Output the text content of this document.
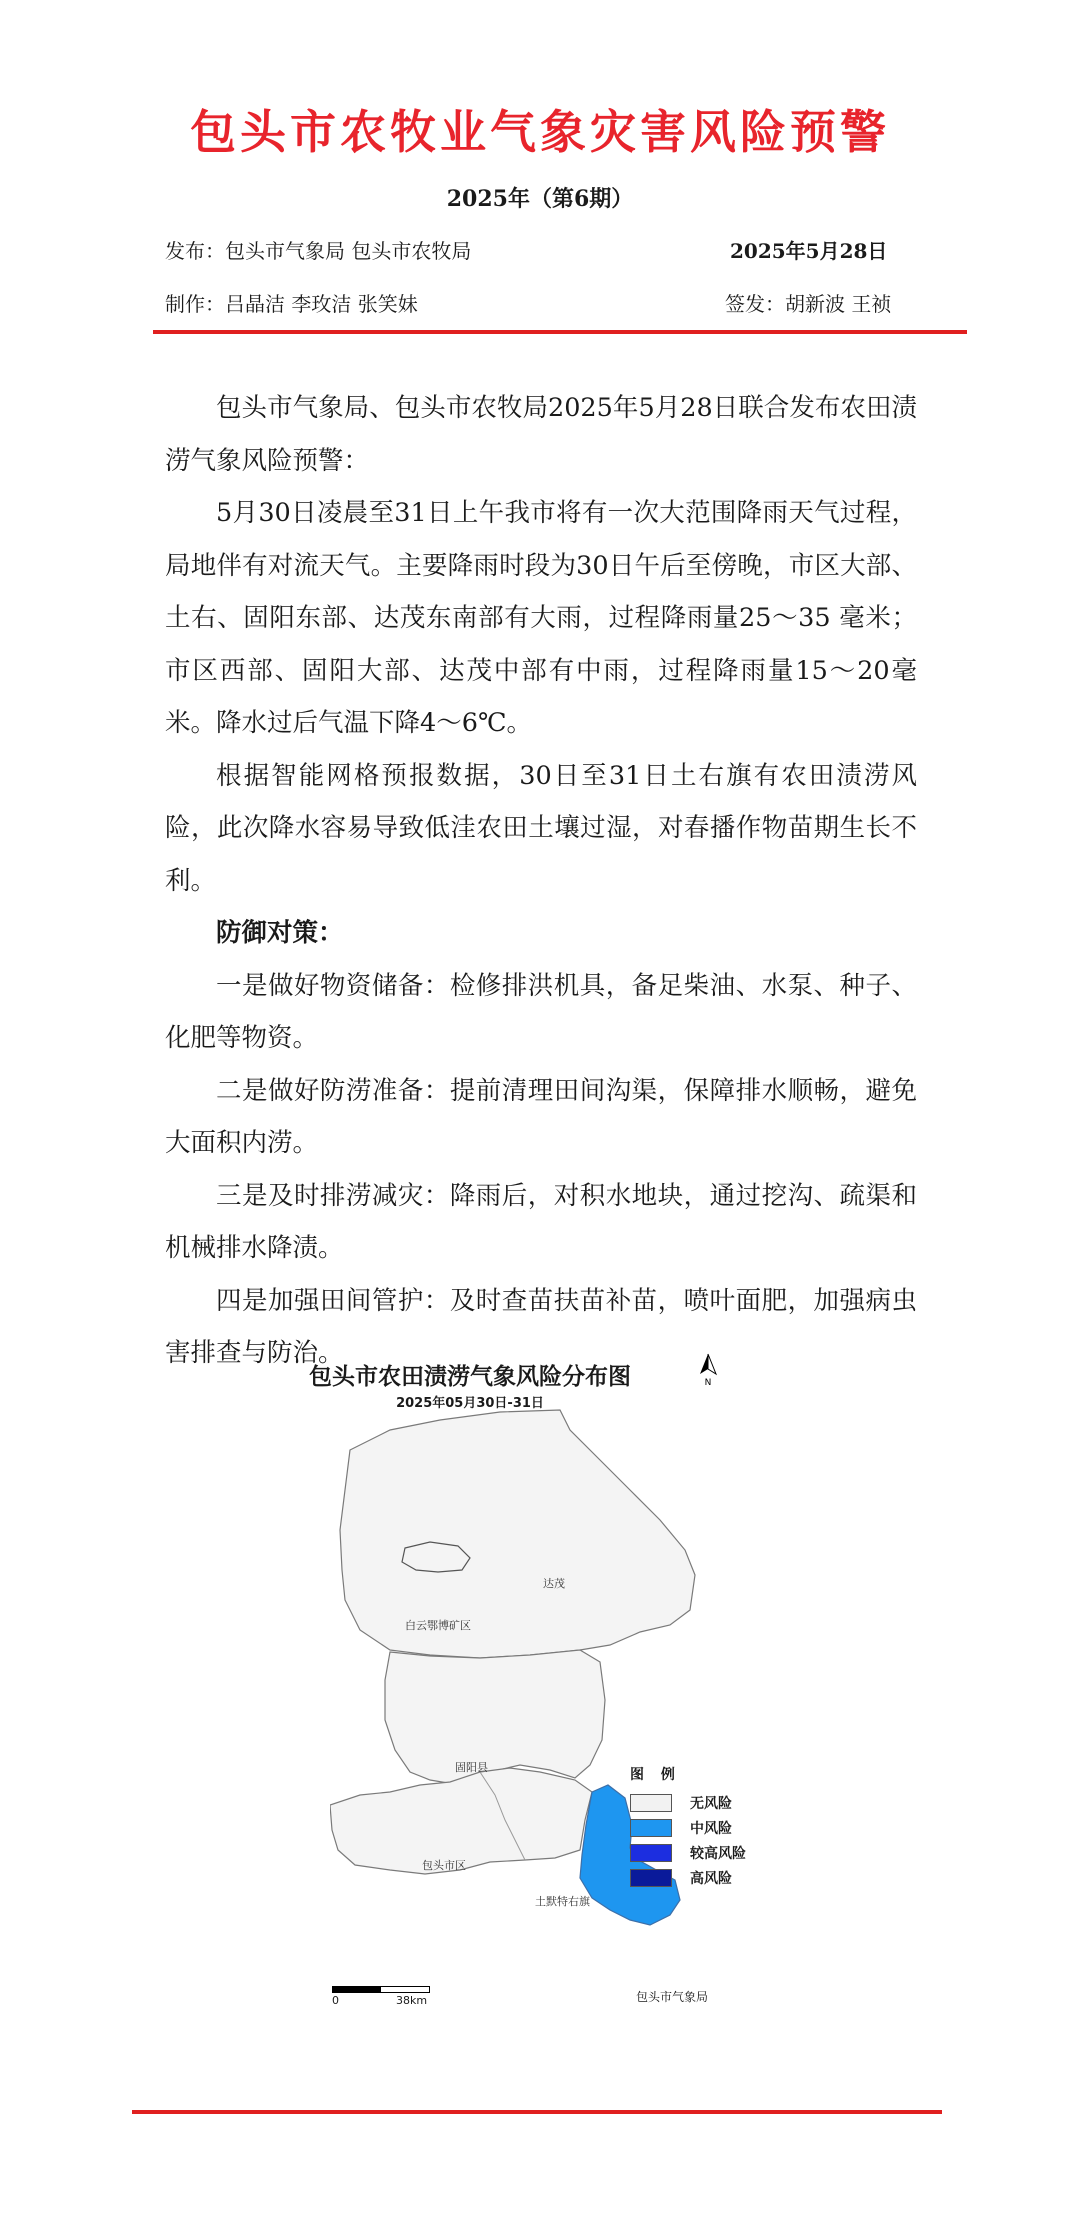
包头市农牧业气象灾害风险预警
2025年（第6期）
发布：包头市气象局 包头市农牧局	2025年5月28日
制作：吕晶洁 李玫洁 张笑妹	签发：胡新波 王祯

包头市气象局、包头市农牧局2025年5月28日联合发布农田渍涝气象风险预警：

5月30日凌晨至31日上午我市将有一次大范围降雨天气过程，局地伴有对流天气。主要降雨时段为30日午后至傍晚，市区大部、土右、固阳东部、达茂东南部有大雨，过程降雨量25～35 毫米；市区西部、固阳大部、达茂中部有中雨，过程降雨量15～20毫米。降水过后气温下降4～6℃。

根据智能网格预报数据，30日至31日土右旗有农田渍涝风险，此次降水容易导致低洼农田土壤过湿，对春播作物苗期生长不利。

防御对策：

一是做好物资储备：检修排洪机具，备足柴油、水泵、种子、化肥等物资。

二是做好防涝准备：提前清理田间沟渠，保障排水顺畅，避免大面积内涝。

三是及时排涝减灾：降雨后，对积水地块，通过挖沟、疏渠和机械排水降渍。

四是加强田间管护：及时查苗扶苗补苗，喷叶面肥，加强病虫害排查与防治。

包头市农田渍涝气象风险分布图
2025年05月30日-31日
N
达茂
白云鄂博矿区
固阳县
包头市区
土默特右旗
图 例
无风险
中风险
较高风险
高风险
0	38km	包头市气象局
